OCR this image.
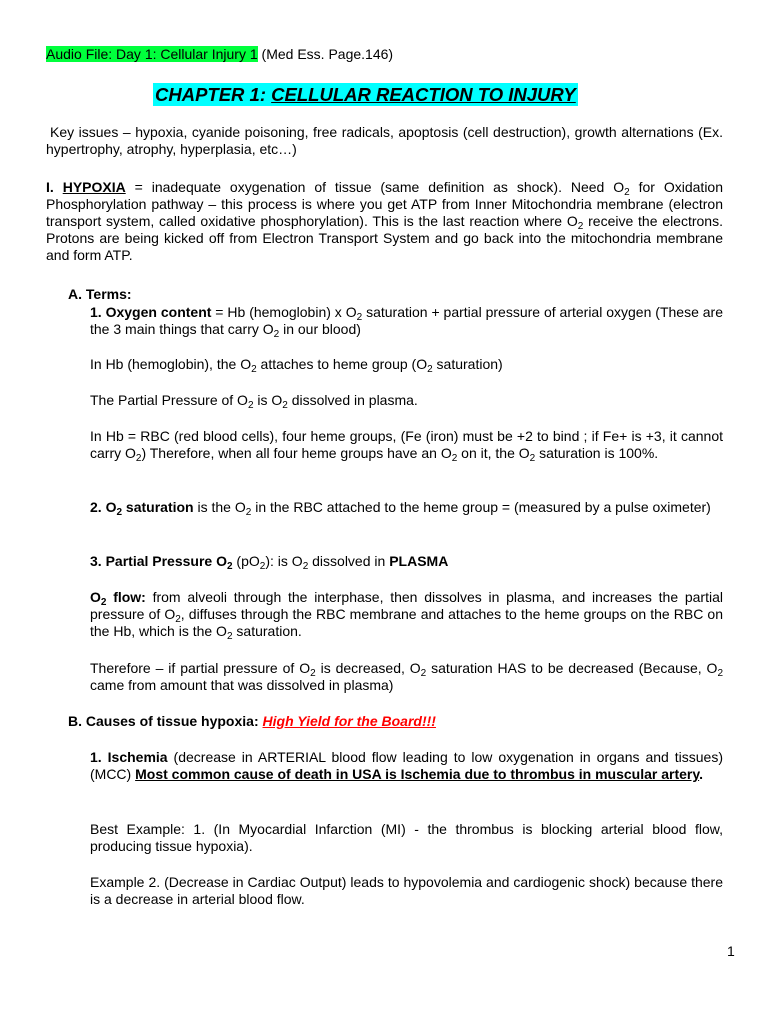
Audio File: Day 1: Cellular Injury 1 (Med Ess. Page.146)

CHAPTER 1: CELLULAR REACTION TO INJURY

Key issues – hypoxia, cyanide poisoning, free radicals, apoptosis (cell destruction), growth alternations (Ex. hypertrophy, atrophy, hyperplasia, etc…)

I. HYPOXIA = inadequate oxygenation of tissue (same definition as shock). Need $O_2$ for Oxidation Phosphorylation pathway – this process is where you get ATP from Inner Mitochondria membrane (electron transport system, called oxidative phosphorylation). This is the last reaction where $O_2$ receive the electrons. Protons are being kicked off from Electron Transport System and go back into the mitochondria membrane and form ATP.

A. Terms:

1. Oxygen content = Hb (hemoglobin) x $O_2$ saturation + partial pressure of arterial oxygen (These are the 3 main things that carry $O_2$ in our blood)

In Hb (hemoglobin), the $O_2$ attaches to heme group ($O_2$ saturation)

The Partial Pressure of $O_2$ is $O_2$ dissolved in plasma.

In Hb = RBC (red blood cells), four heme groups, (Fe (iron) must be +2 to bind ; if Fe+ is +3, it cannot carry $O_2$) Therefore, when all four heme groups have an $O_2$ on it, the $O_2$ saturation is 100%.

2. $O_2$ saturation is the $O_2$ in the RBC attached to the heme group = (measured by a pulse oximeter)

3. Partial Pressure $O_2$ $(pO_2)$: is $O_2$ dissolved in PLASMA

$O_2$ flow: from alveoli through the interphase, then dissolves in plasma, and increases the partial pressure of $O_2$, diffuses through the RBC membrane and attaches to the heme groups on the RBC on the Hb, which is the $O_2$ saturation.

Therefore – if partial pressure of $O_2$ is decreased, $O_2$ saturation HAS to be decreased (Because, $O_2$ came from amount that was dissolved in plasma)

B. Causes of tissue hypoxia: High Yield for the Board!!!

1. Ischemia (decrease in ARTERIAL blood flow leading to low oxygenation in organs and tissues) (MCC) Most common cause of death in USA is Ischemia due to thrombus in muscular artery.

Best Example: 1. (In Myocardial Infarction (MI) - the thrombus is blocking arterial blood flow, producing tissue hypoxia).

Example 2. (Decrease in Cardiac Output) leads to hypovolemia and cardiogenic shock) because there is a decrease in arterial blood flow.

1
